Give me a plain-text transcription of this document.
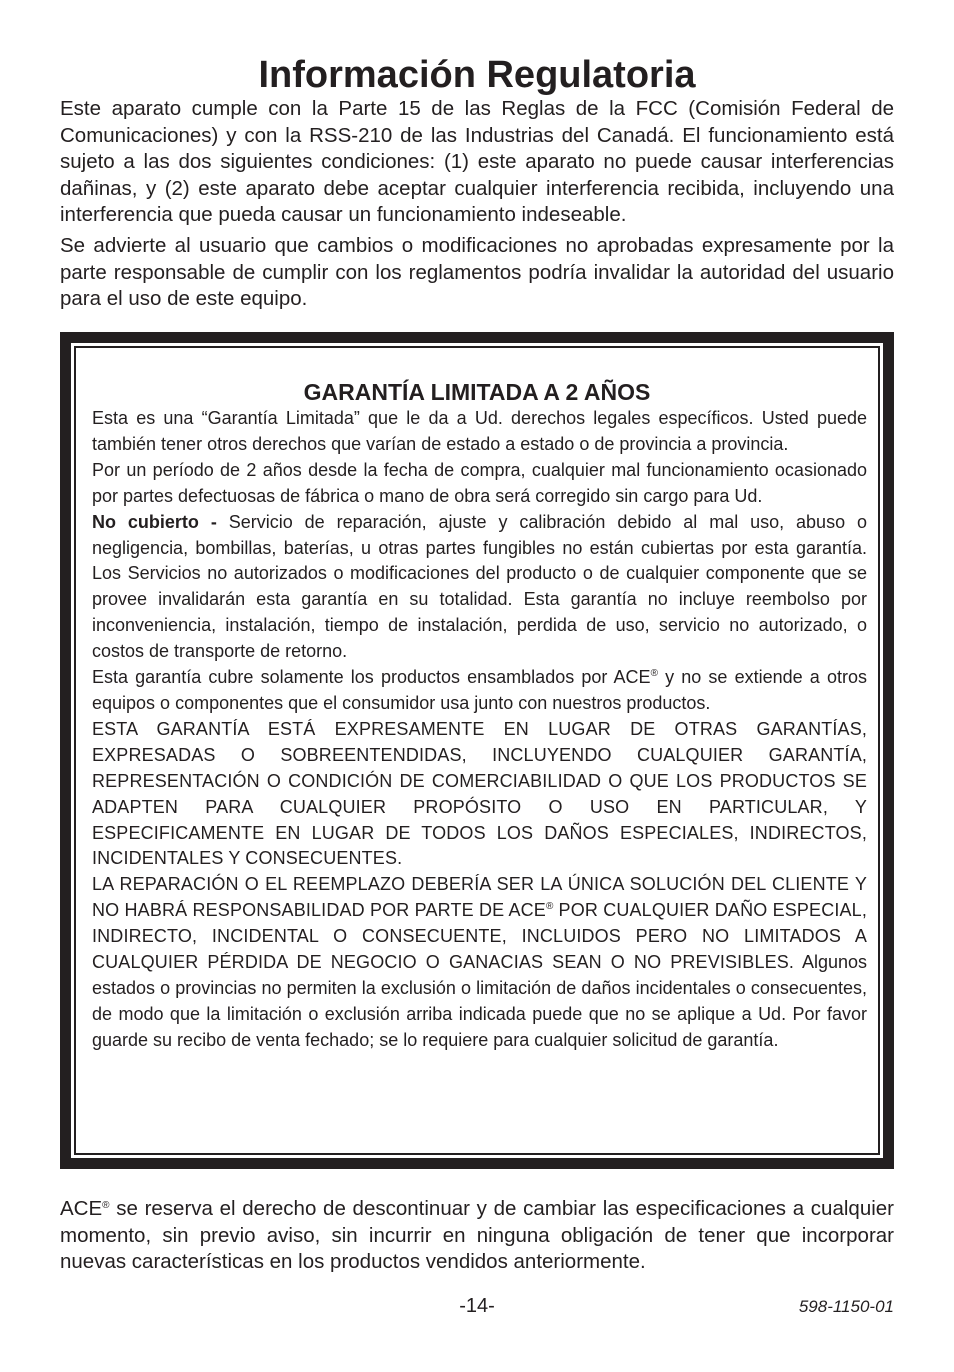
Información Regulatoria

Este aparato cumple con la Parte 15 de las Reglas de la FCC (Comisión Federal de Comunicaciones) y con la RSS-210 de las Industrias del Canadá. El funcionamiento está sujeto a las dos siguientes condiciones: (1) este aparato no puede causar interferencias dañinas, y (2) este aparato debe aceptar cualquier interferencia recibida, incluyendo una interferencia que pueda causar un funcionamiento indeseable.

Se advierte al usuario que cambios o modificaciones no aprobadas expresamente por la parte responsable de cumplir con los reglamentos podría invalidar la autoridad del usuario para el uso de este equipo.

GARANTÍA LIMITADA A 2 AÑOS

Esta es una “Garantía Limitada” que le da a Ud. derechos legales específicos. Usted puede también tener otros derechos que varían de estado a estado o de provincia a provincia.

Por un período de 2 años desde la fecha de compra, cualquier mal funcionamiento ocasionado por partes defectuosas de fábrica o mano de obra será corregido sin cargo para Ud.

No cubierto - Servicio de reparación, ajuste y calibración debido al mal uso, abuso o negligencia, bombillas, baterías, u otras partes fungibles no están cubiertas por esta garantía. Los Servicios no autorizados o modificaciones del producto o de cualquier componente que se provee invalidarán esta garantía en su totalidad. Esta garantía no incluye reembolso por inconveniencia, instalación, tiempo de instalación, perdida de uso, servicio no autorizado, o costos de transporte de retorno.

Esta garantía cubre solamente los productos ensamblados por ACE® y no se extiende a otros equipos o componentes que el consumidor usa junto con nuestros productos.

ESTA GARANTÍA ESTÁ EXPRESAMENTE EN LUGAR DE OTRAS GARANTÍAS, EXPRESADAS O SOBREENTENDIDAS, INCLUYENDO CUALQUIER GARANTÍA, REPRESENTACIÓN O CONDICIÓN DE COMERCIABILIDAD O QUE LOS PRODUCTOS SE ADAPTEN PARA CUALQUIER PROPÓSITO O USO EN PARTICULAR, Y ESPECIFICAMENTE EN LUGAR DE TODOS LOS DAÑOS ESPECIALES, INDIRECTOS, INCIDENTALES Y CONSECUENTES.

LA REPARACIÓN O EL REEMPLAZO DEBERÍA SER LA ÚNICA SOLUCIÓN DEL CLIENTE Y NO HABRÁ RESPONSABILIDAD POR PARTE DE ACE® POR CUALQUIER DAÑO ESPECIAL, INDIRECTO, INCIDENTAL O CONSECUENTE, INCLUIDOS PERO NO LIMITADOS A CUALQUIER PÉRDIDA DE NEGOCIO O GANACIAS SEAN O NO PREVISIBLES. Algunos estados o provincias no permiten la exclusión o limitación de daños incidentales o consecuentes, de modo que la limitación o exclusión arriba indicada puede que no se aplique a Ud. Por favor guarde su recibo de venta fechado; se lo requiere para cualquier solicitud de garantía.

ACE® se reserva el derecho de descontinuar y de cambiar las especificaciones a cualquier momento, sin previo aviso, sin incurrir en ninguna obligación de tener que incorporar nuevas características en los productos vendidos anteriormente.

-14-	598-1150-01
